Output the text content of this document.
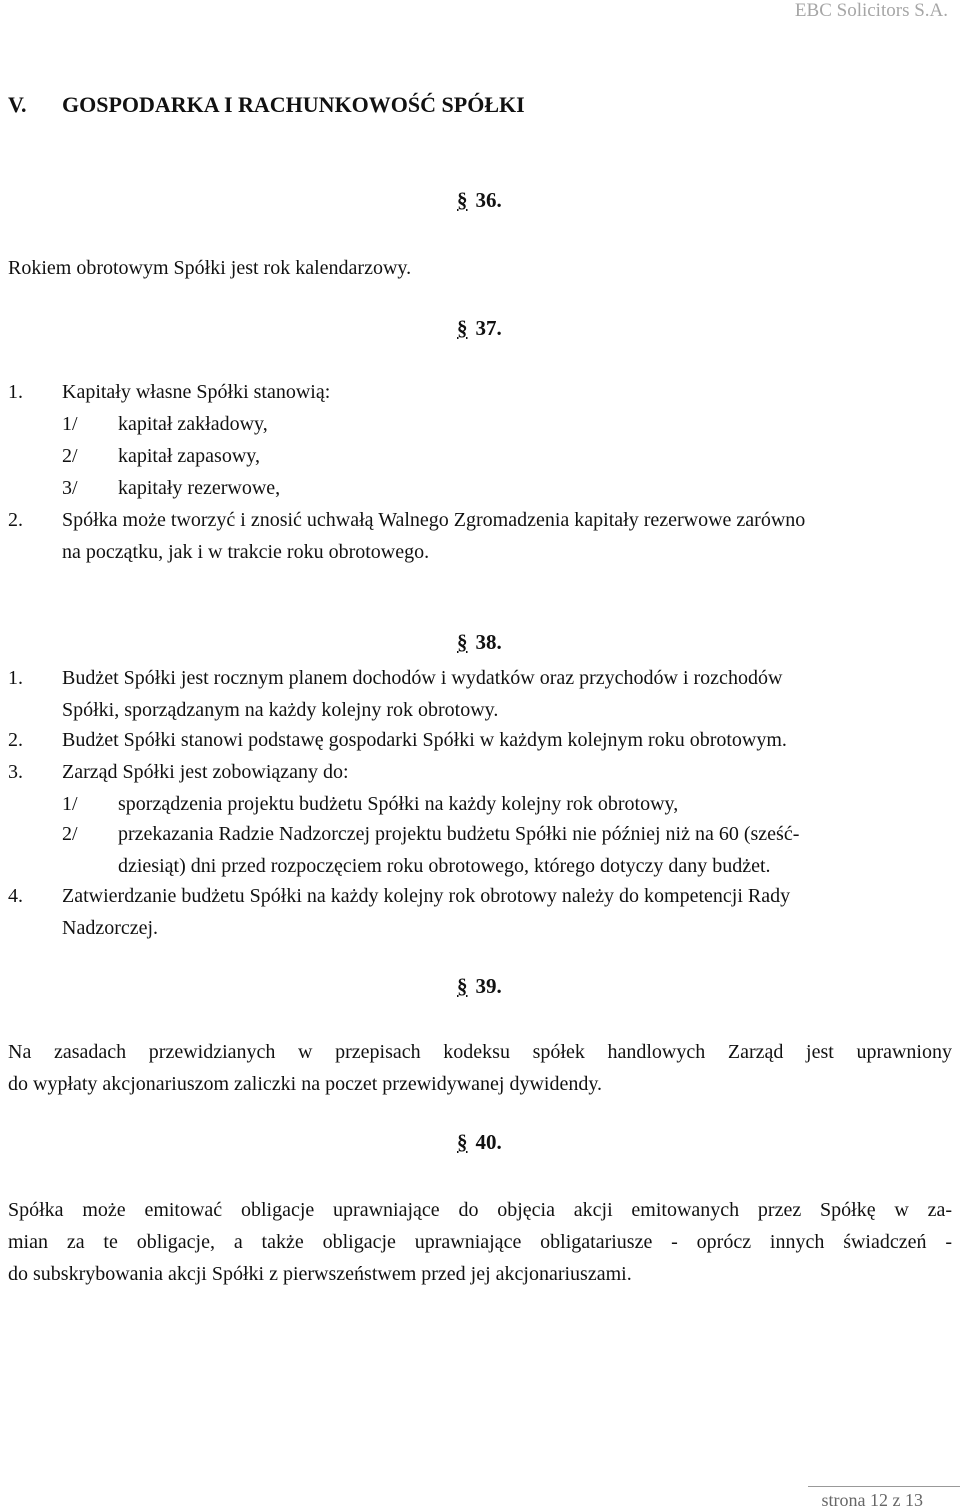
EBC Solicitors S.A.
V. GOSPODARKA I RACHUNKOWOŚĆ SPÓŁKI
§ 36.
Rokiem obrotowym Spółki jest rok kalendarzowy.
§ 37.
1. Kapitały własne Spółki stanowią:
1/ kapitał zakładowy,
2/ kapitał zapasowy,
3/ kapitały rezerwowe,
2. Spółka może tworzyć i znosić uchwałą Walnego Zgromadzenia kapitały rezerwowe zarówno
na początku, jak i w trakcie roku obrotowego.
§ 38.
1. Budżet Spółki jest rocznym planem dochodów i wydatków oraz przychodów i rozchodów
Spółki, sporządzanym na każdy kolejny rok obrotowy.
2. Budżet Spółki stanowi podstawę gospodarki Spółki w każdym kolejnym roku obrotowym.
3. Zarząd Spółki jest zobowiązany do:
1/ sporządzenia projektu budżetu Spółki na każdy kolejny rok obrotowy,
2/ przekazania Radzie Nadzorczej projektu budżetu Spółki nie później niż na 60 (sześć-
dziesiąt) dni przed rozpoczęciem roku obrotowego, którego dotyczy dany budżet.
4. Zatwierdzanie budżetu Spółki na każdy kolejny rok obrotowy należy do kompetencji Rady
Nadzorczej.
§ 39.
Na zasadach przewidzianych w przepisach kodeksu spółek handlowych Zarząd jest uprawniony
do wypłaty akcjonariuszom zaliczki na poczet przewidywanej dywidendy.
§ 40.
Spółka może emitować obligacje uprawniające do objęcia akcji emitowanych przez Spółkę w za-
mian za te obligacje, a także obligacje uprawniające obligatariusze - oprócz innych świadczeń -
do subskrybowania akcji Spółki z pierwszeństwem przed jej akcjonariuszami.
strona 12 z 13
